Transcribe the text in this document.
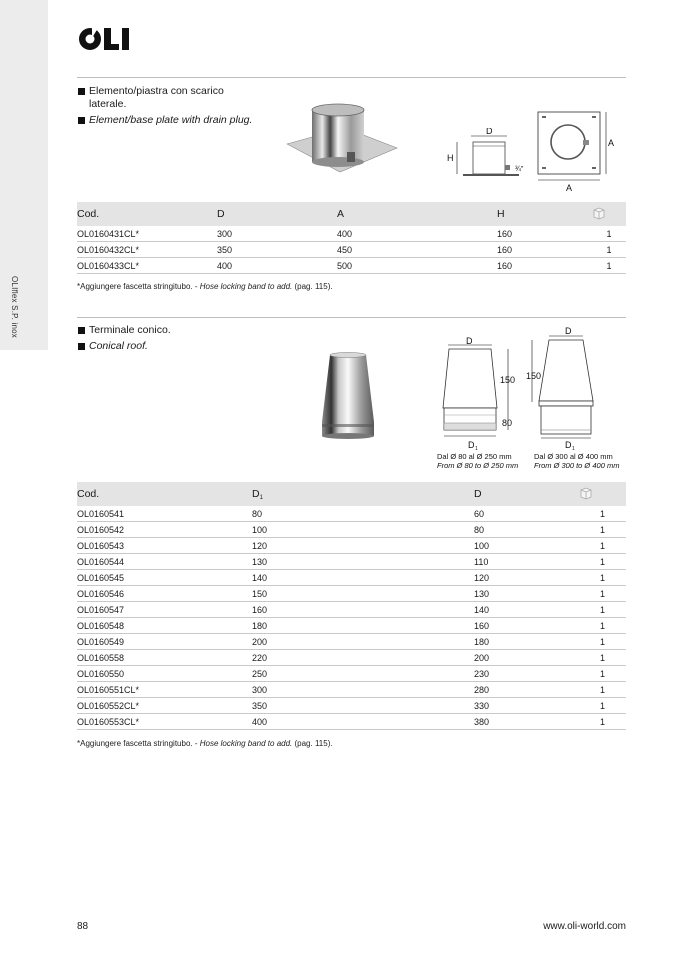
OLIflex S.P. inox
Elemento/piastra con scarico laterale.
Element/base plate with drain plug.
D
H
¾"
A
A
Cod.	D	A	H	
OL0160431CL*	300	400	160	1
OL0160432CL*	350	450	160	1
OL0160433CL*	400	500	160	1
*Aggiungere fascetta stringitubo. - Hose locking band to add. (pag. 115).
Terminale conico.
Conical roof.	D
150
80
D 1
Dal Ø 80 al Ø 250 mm
From Ø 80 to Ø 250 mm
D
150
D 1
Dal Ø 300 al Ø 400 mm
From Ø 300 to Ø 400 mm
Cod.	$D_1$	D	
OL0160541	80	60	1
OL0160542	100	80	1
OL0160543	120	100	1
OL0160544	130	110	1
OL0160545	140	120	1
OL0160546	150	130	1
OL0160547	160	140	1
OL0160548	180	160	1
OL0160549	200	180	1
OL0160558	220	200	1
OL0160550	250	230	1
OL0160551CL*	300	280	1
OL0160552CL*	350	330	1
OL0160553CL*	400	380	1
*Aggiungere fascetta stringitubo. - Hose locking band to add. (pag. 115).
88	www.oli-world.com
